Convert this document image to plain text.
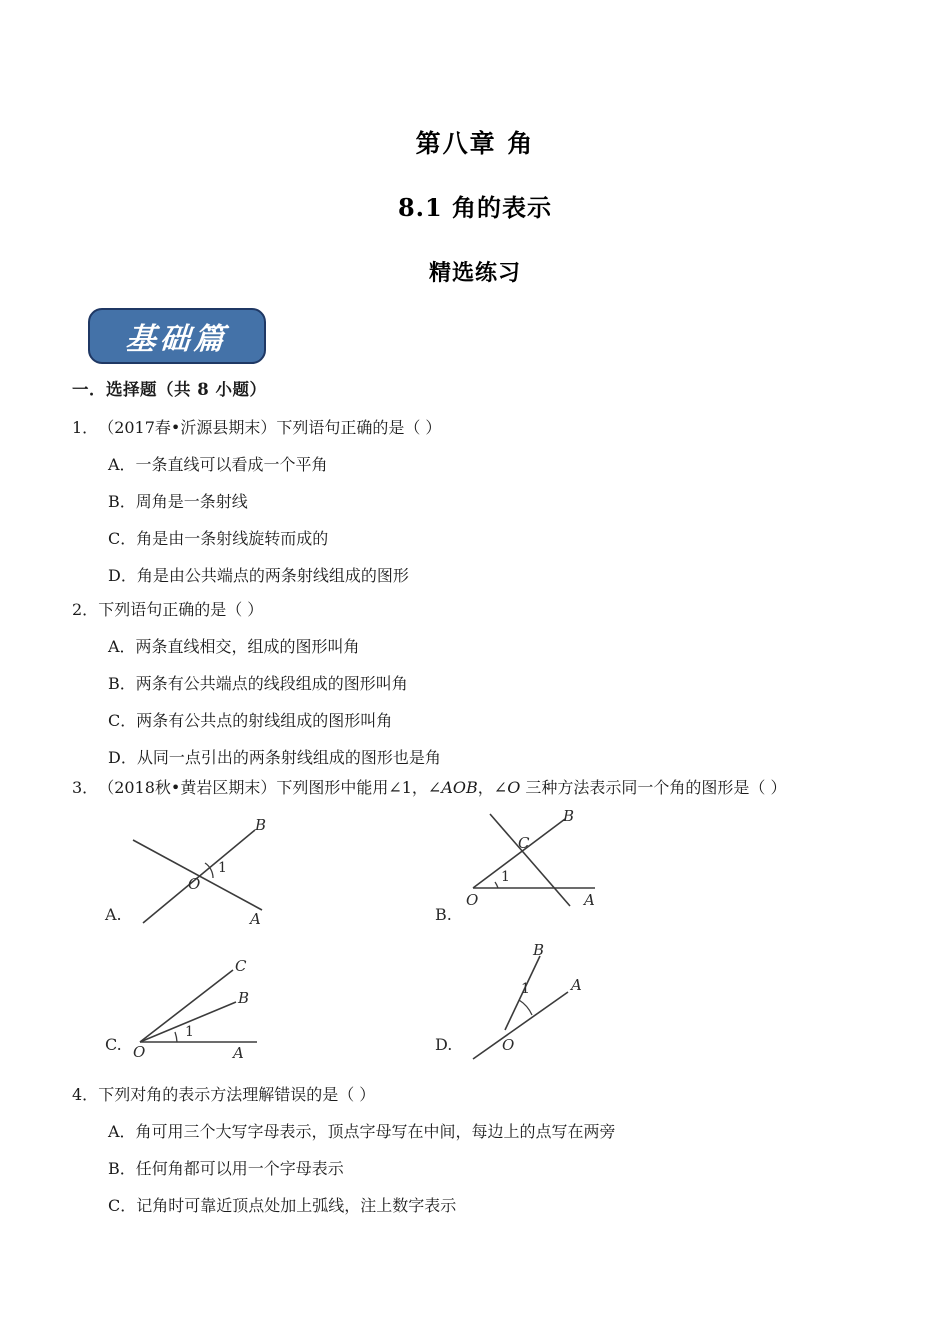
第八章 角
8.1 角的表示
精选练习
基础篇
一．选择题（共 8 小题）
1．（2017春•沂源县期末）下列语句正确的是（ ）
A．一条直线可以看成一个平角
B．周角是一条射线
C．角是由一条射线旋转而成的
D．角是由公共端点的两条射线组成的图形
2．下列语句正确的是（ ）
A．两条直线相交，组成的图形叫角
B．两条有公共端点的线段组成的图形叫角
C．两条有公共点的射线组成的图形叫角
D．从同一点引出的两条射线组成的图形也是角
3．（2018秋•黄岩区期末）下列图形中能用∠1，∠AOB，∠O 三种方法表示同一个角的图形是（ ）
A.
1
O
B
A	B.
1
O
C
B
A
C.
1
O
C
B
A	D.
1
O
B
A
4．下列对角的表示方法理解错误的是（ ）
A．角可用三个大写字母表示，顶点字母写在中间，每边上的点写在两旁
B．任何角都可以用一个字母表示
C．记角时可靠近顶点处加上弧线，注上数字表示
